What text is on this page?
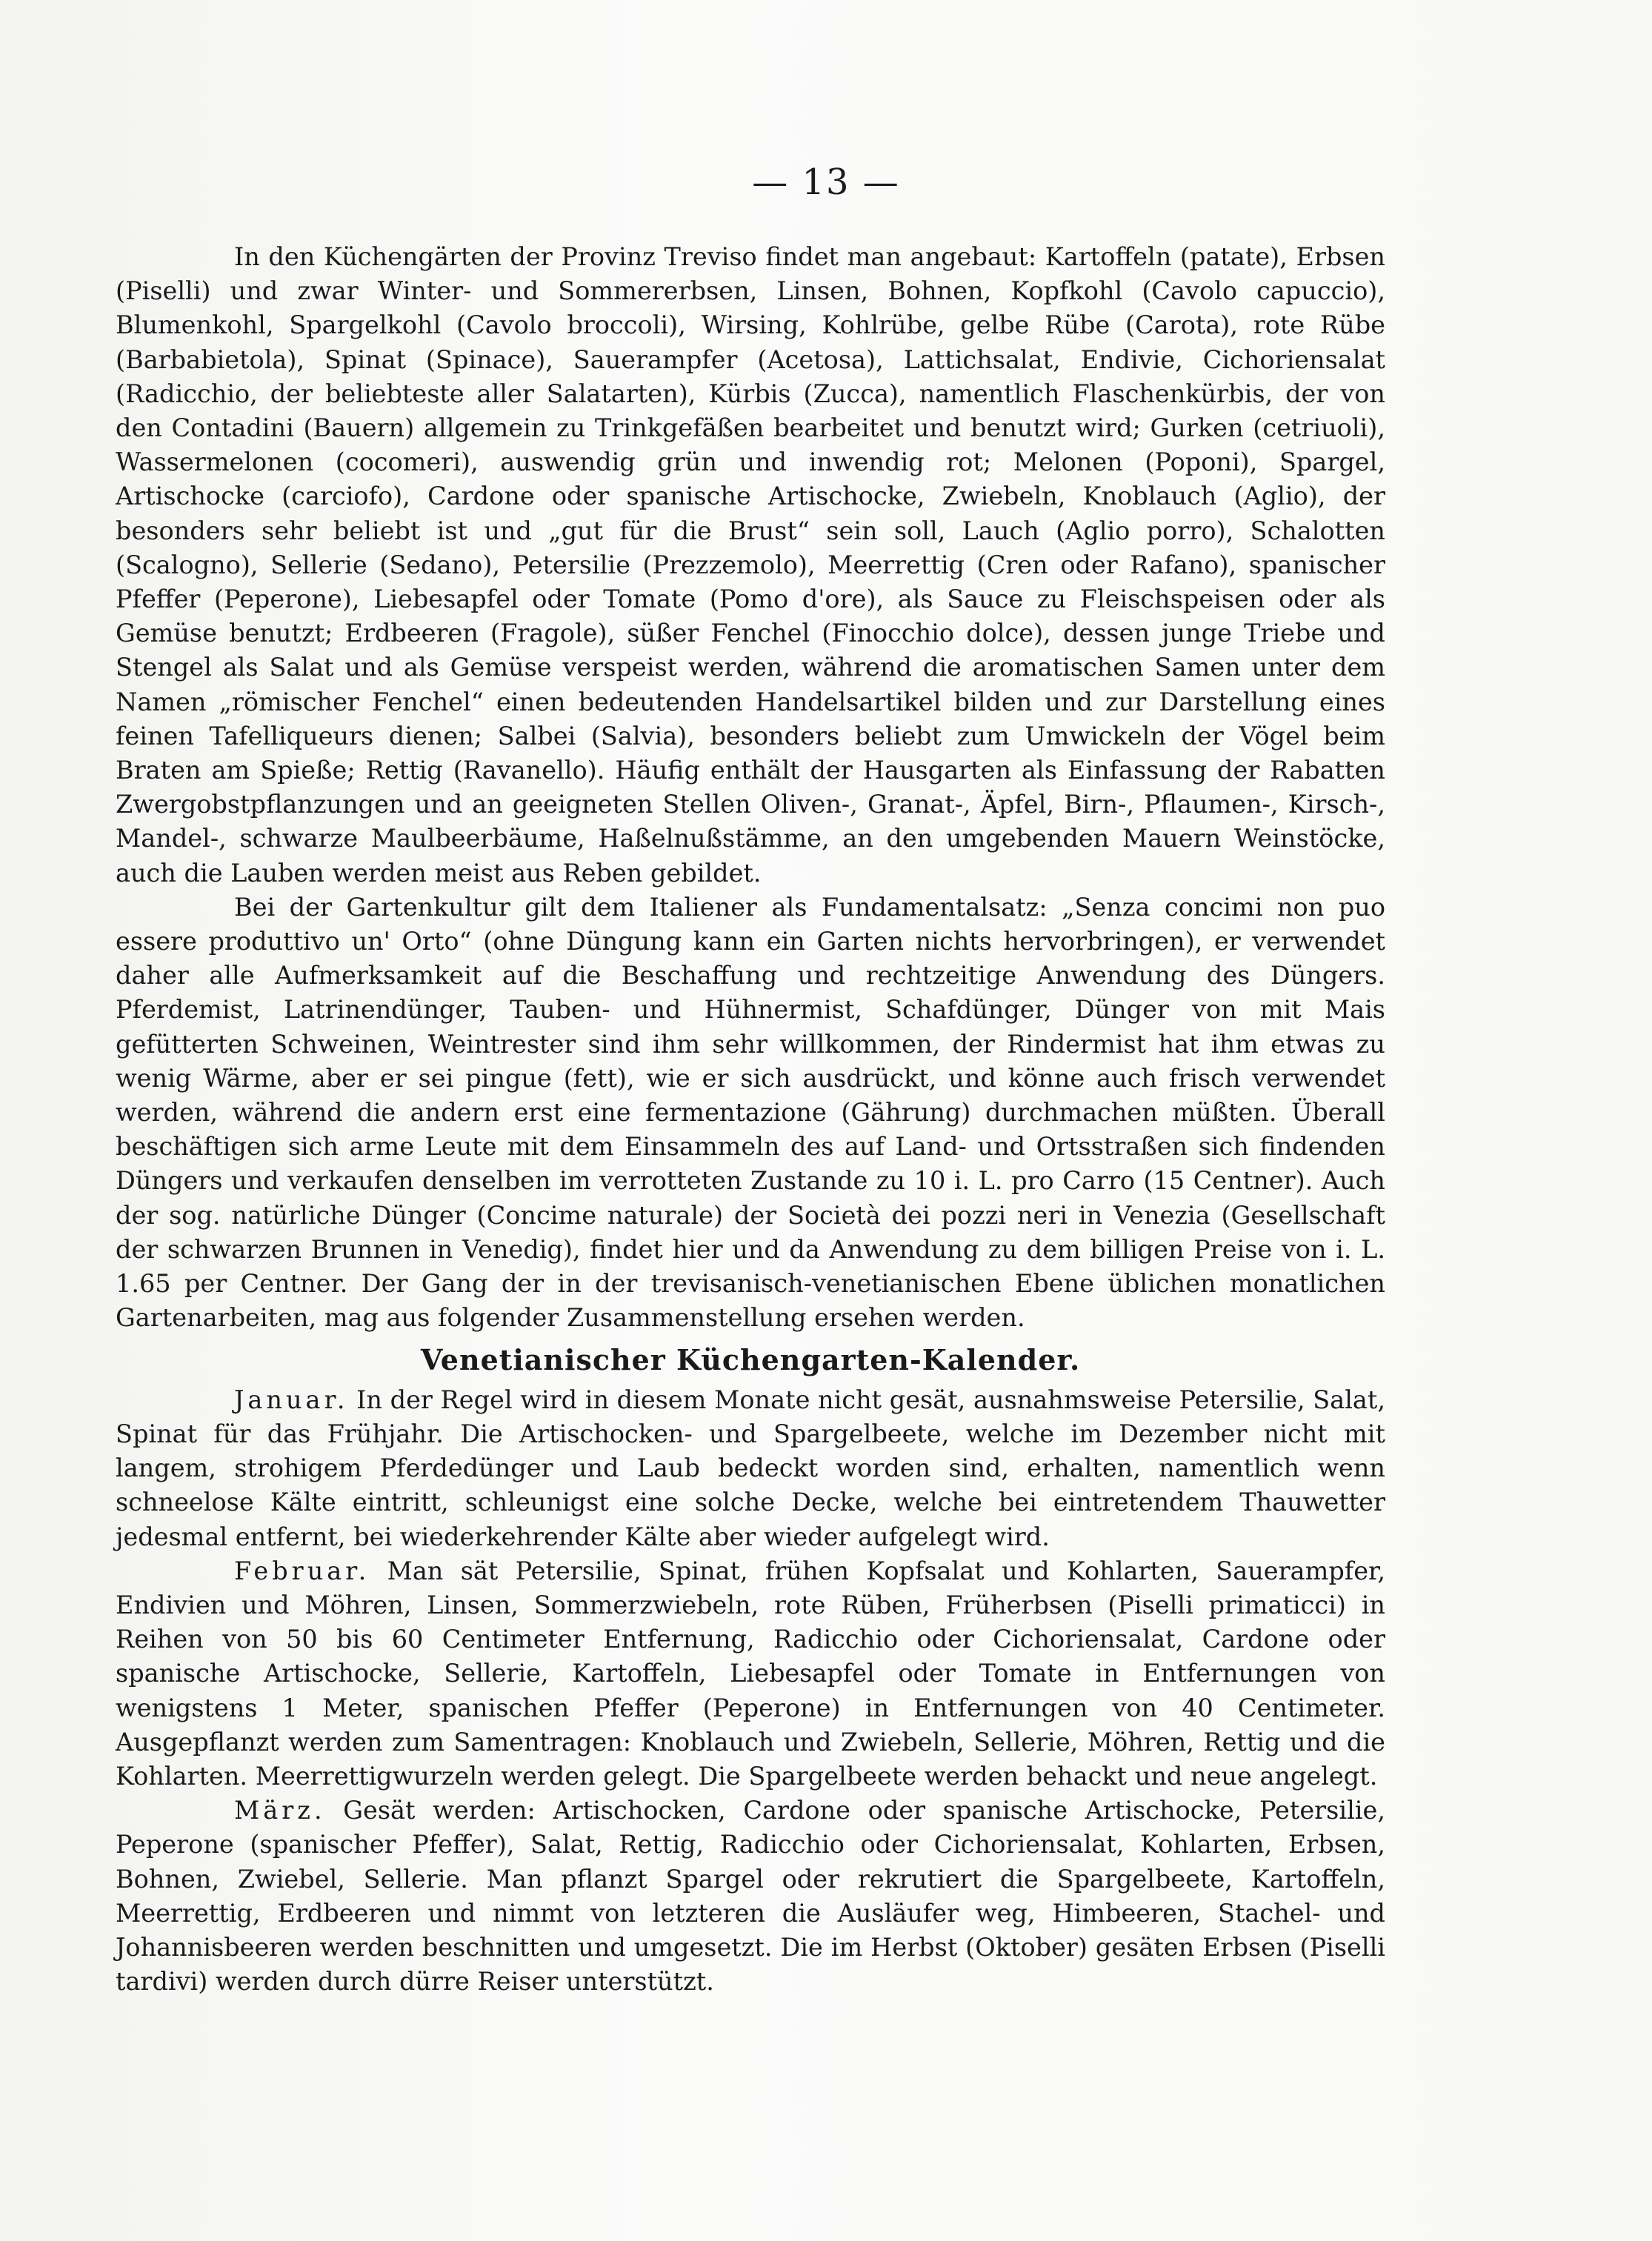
— 13 —

In den Küchengärten der Provinz Treviso findet man angebaut: Kartoffeln (patate), Erbsen (Piselli) und zwar Winter- und Sommererbsen, Linsen, Bohnen, Kopfkohl (Cavolo capuccio), Blumenkohl, Spargelkohl (Cavolo broccoli), Wirsing, Kohlrübe, gelbe Rübe (Carota), rote Rübe (Barbabietola), Spinat (Spinace), Sauerampfer (Acetosa), Lattichsalat, Endivie, Cichoriensalat (Radicchio, der beliebteste aller Salatarten), Kürbis (Zucca), namentlich Flaschenkürbis, der von den Contadini (Bauern) allgemein zu Trinkgefäßen bearbeitet und benutzt wird; Gurken (cetriuoli), Wassermelonen (cocomeri), auswendig grün und inwendig rot; Melonen (Poponi), Spargel, Artischocke (carciofo), Cardone oder spanische Artischocke, Zwiebeln, Knoblauch (Aglio), der besonders sehr beliebt ist und „gut für die Brust“ sein soll, Lauch (Aglio porro), Schalotten (Scalogno), Sellerie (Sedano), Petersilie (Prezzemolo), Meerrettig (Cren oder Rafano), spanischer Pfeffer (Peperone), Liebesapfel oder Tomate (Pomo d'ore), als Sauce zu Fleischspeisen oder als Gemüse benutzt; Erdbeeren (Fragole), süßer Fenchel (Finocchio dolce), dessen junge Triebe und Stengel als Salat und als Gemüse verspeist werden, während die aromatischen Samen unter dem Namen „römischer Fenchel“ einen bedeutenden Handelsartikel bilden und zur Darstellung eines feinen Tafelliqueurs dienen; Salbei (Salvia), besonders beliebt zum Umwickeln der Vögel beim Braten am Spieße; Rettig (Ravanello). Häufig enthält der Hausgarten als Einfassung der Rabatten Zwergobstpflanzungen und an geeigneten Stellen Oliven-, Granat-, Äpfel, Birn-, Pflaumen-, Kirsch-, Mandel-, schwarze Maulbeerbäume, Haßelnußstämme, an den umgebenden Mauern Weinstöcke, auch die Lauben werden meist aus Reben gebildet.

Bei der Gartenkultur gilt dem Italiener als Fundamentalsatz: „Senza concimi non puo essere produttivo un' Orto“ (ohne Düngung kann ein Garten nichts hervorbringen), er verwendet daher alle Aufmerksamkeit auf die Beschaffung und rechtzeitige Anwendung des Düngers. Pferdemist, Latrinendünger, Tauben- und Hühnermist, Schafdünger, Dünger von mit Mais gefütterten Schweinen, Weintrester sind ihm sehr willkommen, der Rindermist hat ihm etwas zu wenig Wärme, aber er sei pingue (fett), wie er sich ausdrückt, und könne auch frisch verwendet werden, während die andern erst eine fermentazione (Gährung) durchmachen müßten. Überall beschäftigen sich arme Leute mit dem Einsammeln des auf Land- und Ortsstraßen sich findenden Düngers und verkaufen denselben im verrotteten Zustande zu 10 i. L. pro Carro (15 Centner). Auch der sog. natürliche Dünger (Concime naturale) der Società dei pozzi neri in Venezia (Gesellschaft der schwarzen Brunnen in Venedig), findet hier und da Anwendung zu dem billigen Preise von i. L. 1.65 per Centner. Der Gang der in der trevisanisch-venetianischen Ebene üblichen monatlichen Gartenarbeiten, mag aus folgender Zusammenstellung ersehen werden.

Venetianischer Küchengarten-Kalender.

Januar. In der Regel wird in diesem Monate nicht gesät, ausnahmsweise Petersilie, Salat, Spinat für das Frühjahr. Die Artischocken- und Spargelbeete, welche im Dezember nicht mit langem, strohigem Pferdedünger und Laub bedeckt worden sind, erhalten, namentlich wenn schneelose Kälte eintritt, schleunigst eine solche Decke, welche bei eintretendem Thauwetter jedesmal entfernt, bei wiederkehrender Kälte aber wieder aufgelegt wird.

Februar. Man sät Petersilie, Spinat, frühen Kopfsalat und Kohlarten, Sauerampfer, Endivien und Möhren, Linsen, Sommerzwiebeln, rote Rüben, Früherbsen (Piselli primaticci) in Reihen von 50 bis 60 Centimeter Entfernung, Radicchio oder Cichoriensalat, Cardone oder spanische Artischocke, Sellerie, Kartoffeln, Liebesapfel oder Tomate in Entfernungen von wenigstens 1 Meter, spanischen Pfeffer (Peperone) in Entfernungen von 40 Centimeter. Ausgepflanzt werden zum Samentragen: Knoblauch und Zwiebeln, Sellerie, Möhren, Rettig und die Kohlarten. Meerrettigwurzeln werden gelegt. Die Spargelbeete werden behackt und neue angelegt.

März. Gesät werden: Artischocken, Cardone oder spanische Artischocke, Petersilie, Peperone (spanischer Pfeffer), Salat, Rettig, Radicchio oder Cichoriensalat, Kohlarten, Erbsen, Bohnen, Zwiebel, Sellerie. Man pflanzt Spargel oder rekrutiert die Spargelbeete, Kartoffeln, Meerrettig, Erdbeeren und nimmt von letzteren die Ausläufer weg, Himbeeren, Stachel- und Johannisbeeren werden beschnitten und umgesetzt. Die im Herbst (Oktober) gesäten Erbsen (Piselli tardivi) werden durch dürre Reiser unterstützt.
